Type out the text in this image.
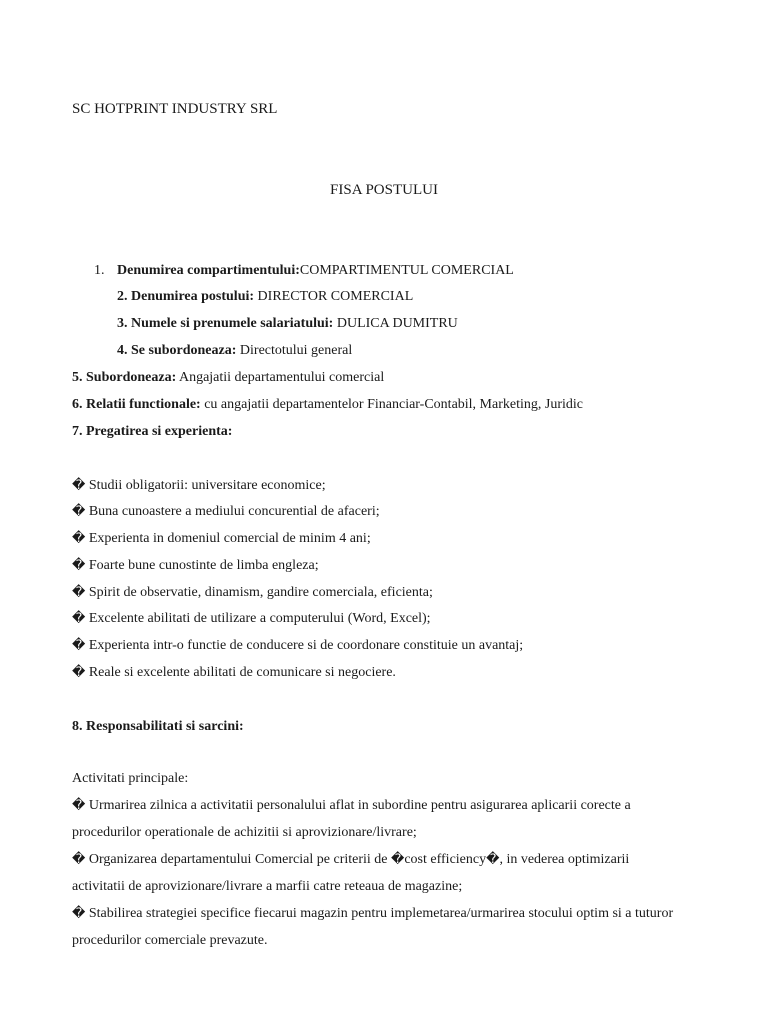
SC HOTPRINT INDUSTRY SRL
FISA POSTULUI
1. Denumirea compartimentului:COMPARTIMENTUL COMERCIAL
2. Denumirea postului: DIRECTOR COMERCIAL
3. Numele si prenumele salariatului: DULICA DUMITRU
4. Se subordoneaza: Directotului general
5. Subordoneaza: Angajatii departamentului comercial
6. Relatii functionale: cu angajatii departamentelor Financiar-Contabil, Marketing, Juridic
7. Pregatirea si experienta:
� Studii obligatorii: universitare economice;
� Buna cunoastere a mediului concurential de afaceri;
� Experienta in domeniul comercial de minim 4 ani;
� Foarte bune cunostinte de limba engleza;
� Spirit de observatie, dinamism, gandire comerciala, eficienta;
� Excelente abilitati de utilizare a computerului (Word, Excel);
� Experienta intr-o functie de conducere si de coordonare constituie un avantaj;
� Reale si excelente abilitati de comunicare si negociere.
8. Responsabilitati si sarcini:
Activitati principale:
� Urmarirea zilnica a activitatii personalului aflat in subordine pentru asigurarea aplicarii corecte a procedurilor operationale de achizitii si aprovizionare/livrare;
� Organizarea departamentului Comercial pe criterii de �cost efficiency�, in vederea optimizarii activitatii de aprovizionare/livrare a marfii catre reteaua de magazine;
� Stabilirea strategiei specifice fiecarui magazin pentru implemetarea/urmarirea stocului optim si a tuturor procedurilor comerciale prevazute.
